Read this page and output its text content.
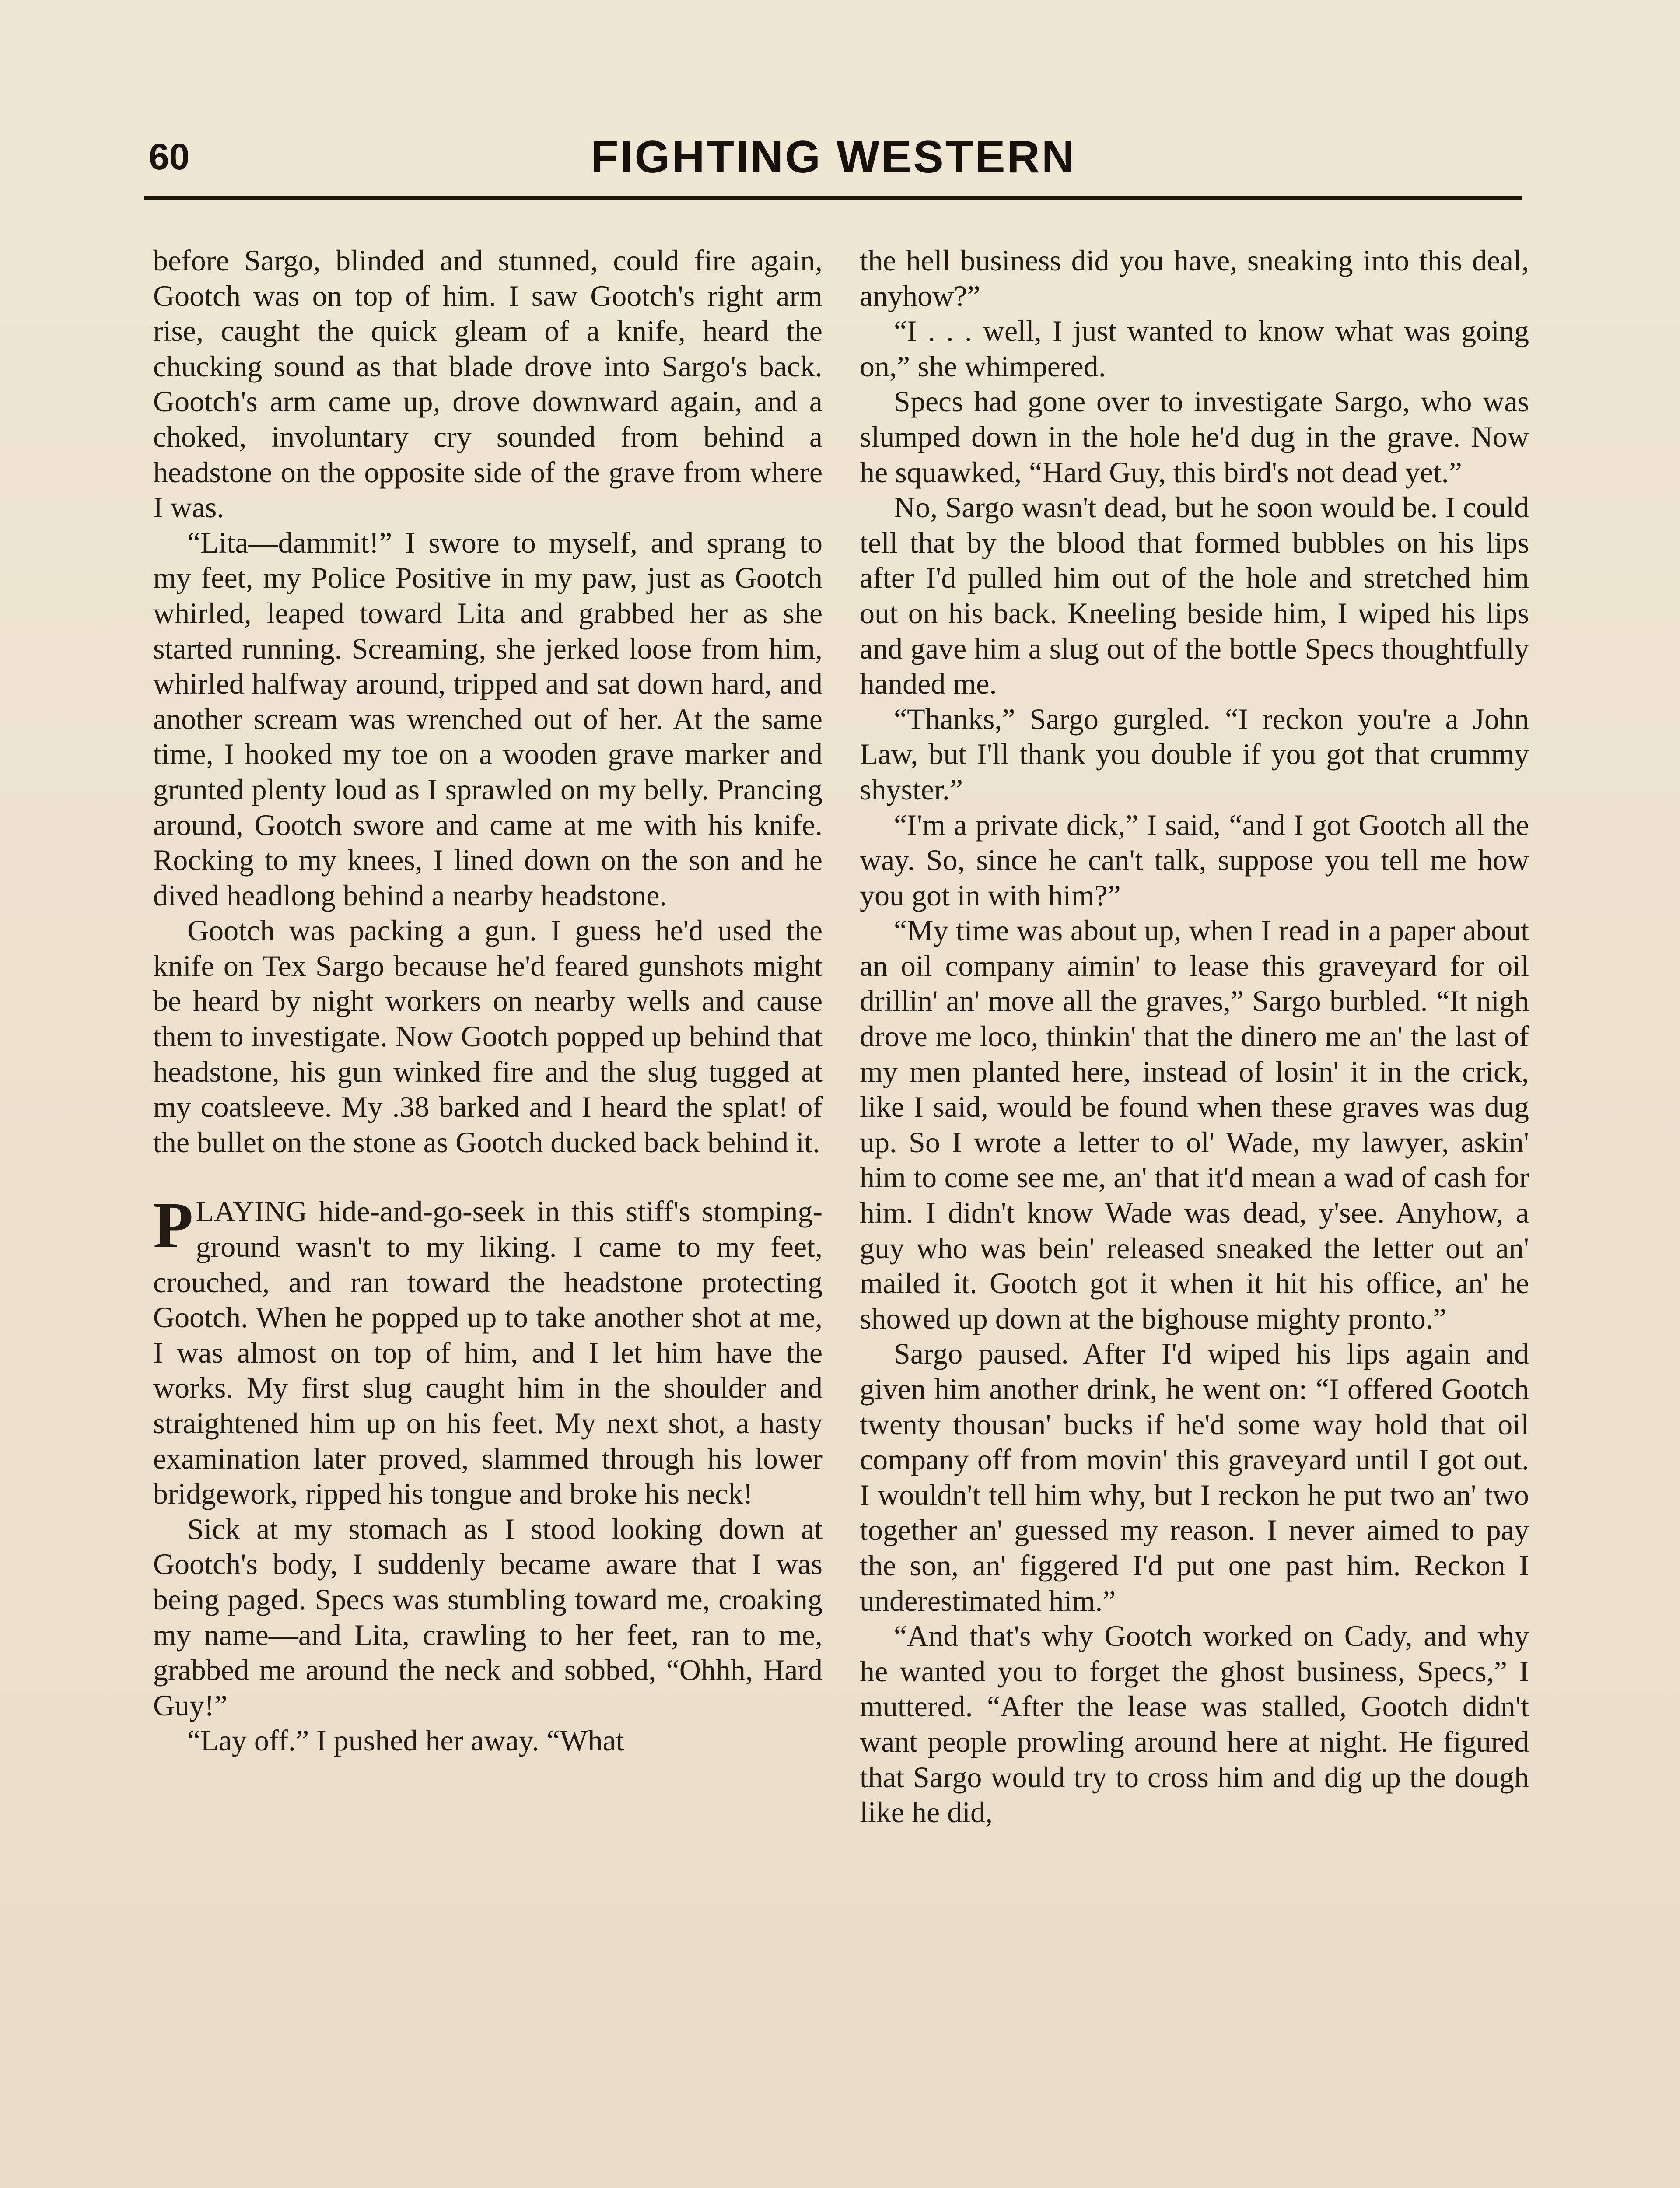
60	FIGHTING WESTERN

before Sargo, blinded and stunned, could fire again, Gootch was on top of him. I saw Gootch's right arm rise, caught the quick gleam of a knife, heard the chucking sound as that blade drove into Sargo's back. Gootch's arm came up, drove downward again, and a choked, involuntary cry sounded from behind a headstone on the opposite side of the grave from where I was.

“Lita—dammit!” I swore to myself, and sprang to my feet, my Police Positive in my paw, just as Gootch whirled, leaped toward Lita and grabbed her as she started running. Screaming, she jerked loose from him, whirled halfway around, tripped and sat down hard, and another scream was wrenched out of her. At the same time, I hooked my toe on a wooden grave marker and grunted plenty loud as I sprawled on my belly. Prancing around, Gootch swore and came at me with his knife. Rocking to my knees, I lined down on the son and he dived headlong behind a nearby headstone.

Gootch was packing a gun. I guess he'd used the knife on Tex Sargo because he'd feared gunshots might be heard by night workers on nearby wells and cause them to investigate. Now Gootch popped up behind that headstone, his gun winked fire and the slug tugged at my coatsleeve. My .38 barked and I heard the splat! of the bullet on the stone as Gootch ducked back behind it.

PLAYING hide-and-go-seek in this stiff's stomping-ground wasn't to my liking. I came to my feet, crouched, and ran toward the headstone protecting Gootch. When he popped up to take another shot at me, I was almost on top of him, and I let him have the works. My first slug caught him in the shoulder and straightened him up on his feet. My next shot, a hasty examination later proved, slammed through his lower bridgework, ripped his tongue and broke his neck!

Sick at my stomach as I stood looking down at Gootch's body, I suddenly became aware that I was being paged. Specs was stumbling toward me, croaking my name—and Lita, crawling to her feet, ran to me, grabbed me around the neck and sobbed, “Ohhh, Hard Guy!”

“Lay off.” I pushed her away. “What

the hell business did you have, sneaking into this deal, anyhow?”

“I . . . well, I just wanted to know what was going on,” she whimpered.

Specs had gone over to investigate Sargo, who was slumped down in the hole he'd dug in the grave. Now he squawked, “Hard Guy, this bird's not dead yet.”

No, Sargo wasn't dead, but he soon would be. I could tell that by the blood that formed bubbles on his lips after I'd pulled him out of the hole and stretched him out on his back. Kneeling beside him, I wiped his lips and gave him a slug out of the bottle Specs thoughtfully handed me.

“Thanks,” Sargo gurgled. “I reckon you're a John Law, but I'll thank you double if you got that crummy shyster.”

“I'm a private dick,” I said, “and I got Gootch all the way. So, since he can't talk, suppose you tell me how you got in with him?”

“My time was about up, when I read in a paper about an oil company aimin' to lease this graveyard for oil drillin' an' move all the graves,” Sargo burbled. “It nigh drove me loco, thinkin' that the dinero me an' the last of my men planted here, instead of losin' it in the crick, like I said, would be found when these graves was dug up. So I wrote a letter to ol' Wade, my lawyer, askin' him to come see me, an' that it'd mean a wad of cash for him. I didn't know Wade was dead, y'see. Anyhow, a guy who was bein' released sneaked the letter out an' mailed it. Gootch got it when it hit his office, an' he showed up down at the bighouse mighty pronto.”

Sargo paused. After I'd wiped his lips again and given him another drink, he went on: “I offered Gootch twenty thousan' bucks if he'd some way hold that oil company off from movin' this graveyard until I got out. I wouldn't tell him why, but I reckon he put two an' two together an' guessed my reason. I never aimed to pay the son, an' figgered I'd put one past him. Reckon I underestimated him.”

“And that's why Gootch worked on Cady, and why he wanted you to forget the ghost business, Specs,” I muttered. “After the lease was stalled, Gootch didn't want people prowling around here at night. He figured that Sargo would try to cross him and dig up the dough like he did,
